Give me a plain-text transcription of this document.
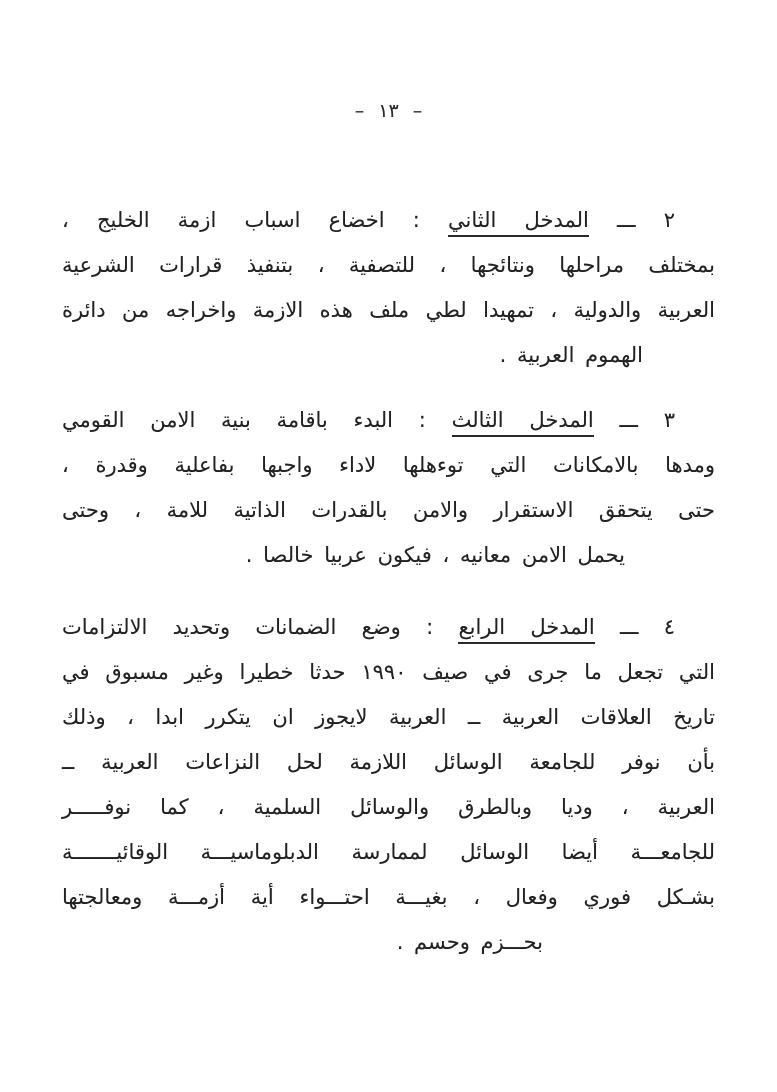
– ١٣ –
٢ ـــ المدخل الثاني : اخضاع اسباب ازمة الخليج ،
بمختلف مراحلها ونتائجها ، للتصفية ، بتنفيذ قرارات الشرعية
العربية والدولية ، تمهيدا لطي ملف هذه الازمة واخراجه من دائرة
الهموم العربية .
٣ ـــ المدخل الثالث : البدء باقامة بنية الامن القومي
ومدها بالامكانات التي توءهلها لاداء واجبها بفاعلية وقدرة ،
حتى يتحقق الاستقرار والامن بالقدرات الذاتية للامة ، وحتى
يحمل الامن معانيه ، فيكون عربيا خالصا .
٤ ـــ المدخل الرابع : وضع الضمانات وتحديد الالتزامات
التي تجعل ما جرى في صيف ١٩٩٠ حدثا خطيرا وغير مسبوق في
تاريخ العلاقات العربية ــ العربية لايجوز ان يتكرر ابدا ، وذلك
بأن نوفر للجامعة الوسائل اللازمة لحل النزاعات العربية ــ
العربية ، وديا وبالطرق والوسائل السلمية ، كما نوفـــــر
للجامعـــة أيضا الوسائل لممارسة الدبلوماسيـــة الوقائيـــــــة
بشـكل فوري وفعال ، بغيـــة احتـــواء أية أزمـــة ومعالجتها
بحـــزم وحسم .
